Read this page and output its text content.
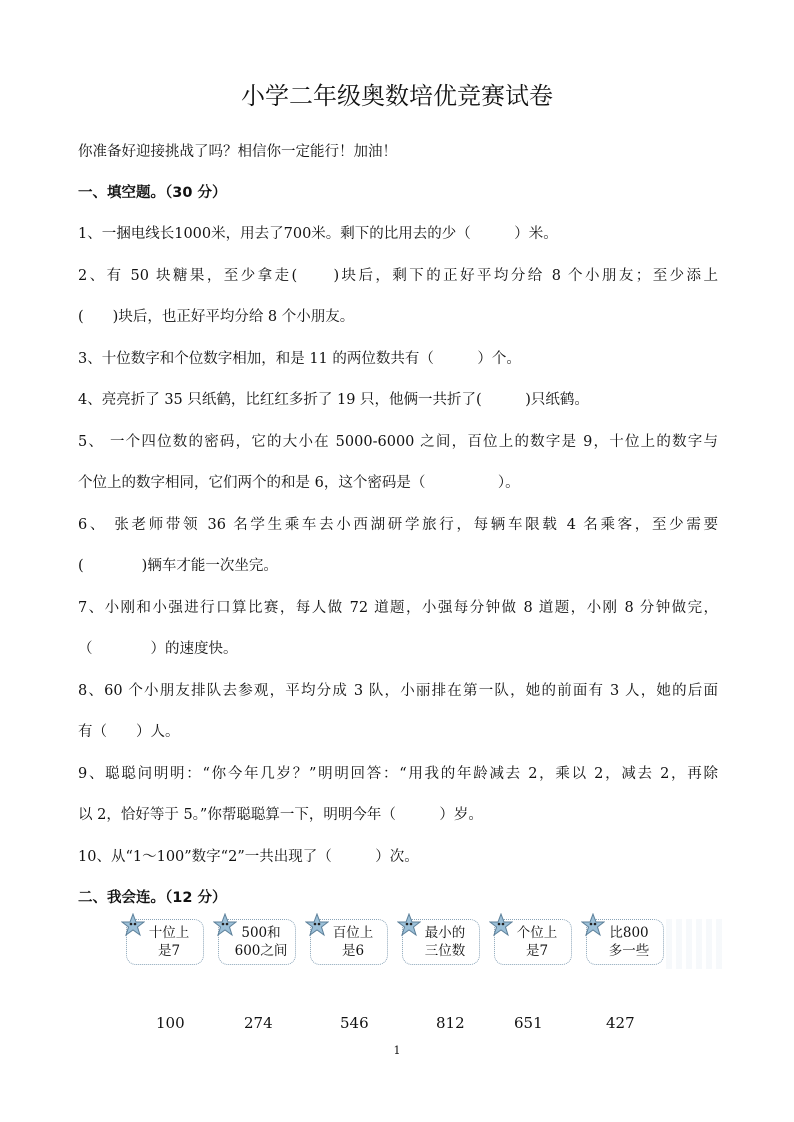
小学二年级奥数培优竞赛试卷
你准备好迎接挑战了吗？相信你一定能行！加油！
一、填空题。（30 分）
1、一捆电线长1000米，用去了700米。剩下的比用去的少（　　　）米。
2、有 50 块糖果，至少拿走(　　)块后，剩下的正好平均分给 8 个小朋友；至少添上
(　　)块后，也正好平均分给 8 个小朋友。
3、十位数字和个位数字相加，和是 11 的两位数共有（　　　）个。
4、亮亮折了 35 只纸鹤，比红红多折了 19 只，他俩一共折了(　　　)只纸鹤。
5、 一个四位数的密码，它的大小在 5000-6000 之间，百位上的数字是 9，十位上的数字与
个位上的数字相同，它们两个的和是 6，这个密码是（　　　　　）。
6、 张老师带领 36 名学生乘车去小西湖研学旅行，每辆车限载 4 名乘客，至少需要
(　　　　)辆车才能一次坐完。
7、小刚和小强进行口算比赛，每人做 72 道题，小强每分钟做 8 道题，小刚 8 分钟做完，
（　　　　）的速度快。
8、60 个小朋友排队去参观，平均分成 3 队，小丽排在第一队，她的前面有 3 人，她的后面
有（　　）人。
9、聪聪问明明：“你今年几岁？”明明回答：“用我的年龄减去 2，乘以 2，减去 2，再除
以 2，恰好等于 5。”你帮聪聪算一下，明明今年（　　　）岁。
10、从“1～100”数字“2”一共出现了（　　　）次。
二、我会连。（12 分）
十位上
是7
500和
600之间
百位上
是6
最小的
三位数
个位上
是7
比800
多一些
100	274	546	812	651	427
1
